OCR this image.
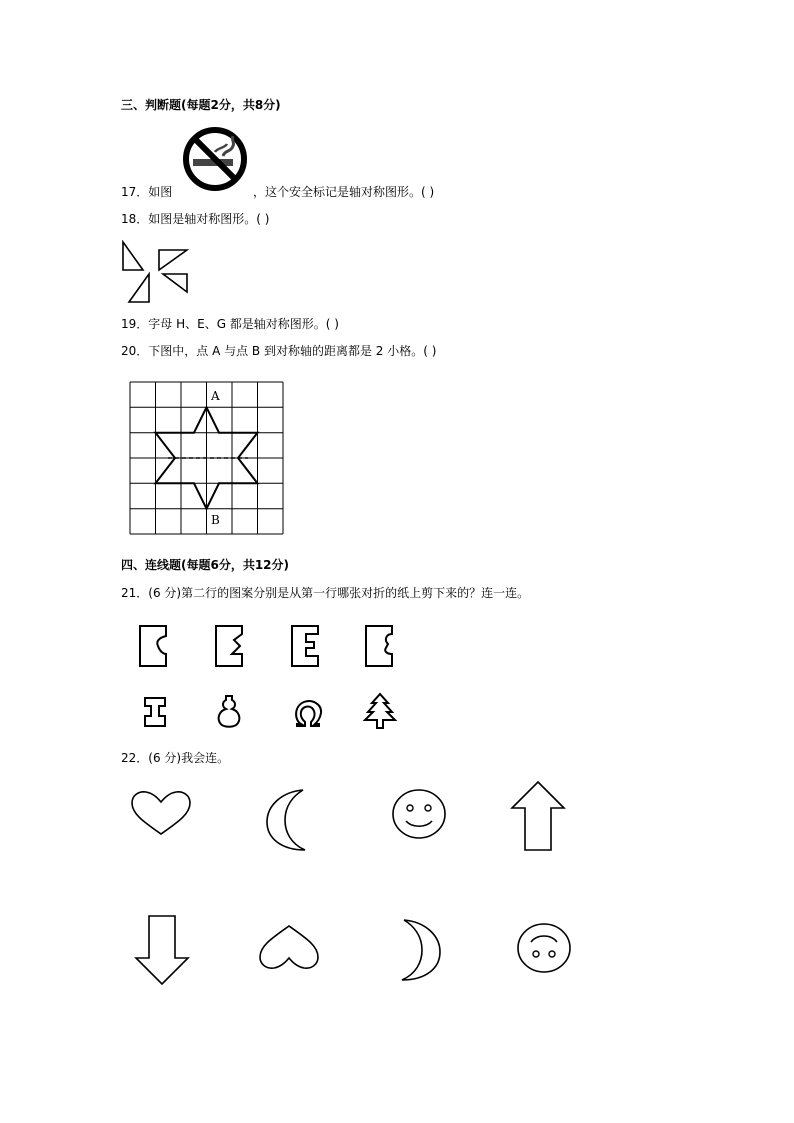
三、判断题(每题2分，共8分)
17．如图	，这个安全标记是轴对称图形。( )
18．如图是轴对称图形。( )
19．字母 H、E、G 都是轴对称图形。( )
20．下图中，点 A 与点 B 到对称轴的距离都是 2 小格。( )
A
B
四、连线题(每题6分，共12分)
21．(6 分)第二行的图案分别是从第一行哪张对折的纸上剪下来的？连一连。
22．(6 分)我会连。
